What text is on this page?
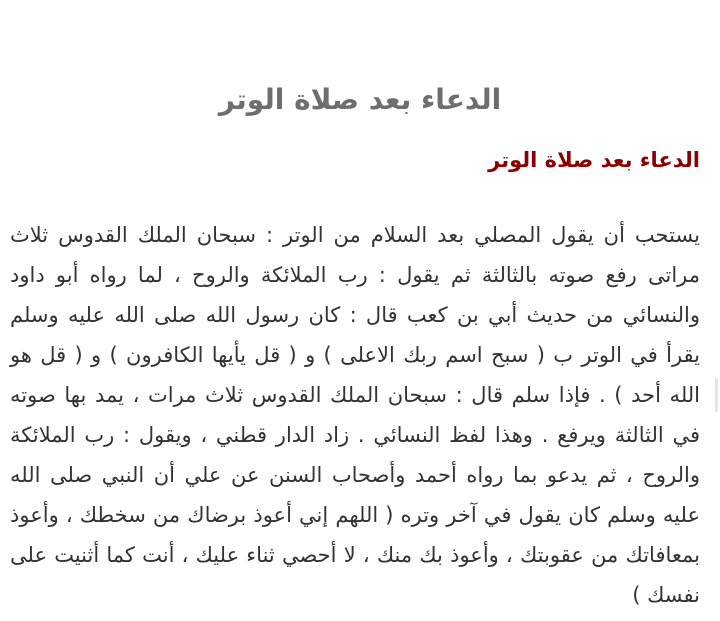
الدعاء بعد صلاة الوتر
الدعاء بعد صلاة الوتر

يستحب أن يقول المصلي بعد السلام من الوتر : سبحان الملك القدوس ثلاث مراتى رفع صوته بالثالثة ثم يقول : رب الملائكة والروح ، لما رواه أبو داود والنسائي من حديث أبي بن كعب قال : كان رسول الله صلى الله عليه وسلم يقرأ في الوتر ب ( سبح اسم ربك الاعلى ) و ( قل يأيها الكافرون ) و ( قل هو الله أحد ) . فإذا سلم قال : سبحان الملك القدوس ثلاث مرات ، يمد بها صوته في الثالثة ويرفع . وهذا لفظ النسائي . زاد الدار قطني ، ويقول : رب الملائكة والروح ، ثم يدعو بما رواه أحمد وأصحاب السنن عن علي أن النبي صلى الله عليه وسلم كان يقول في آخر وتره ( اللهم إني أعوذ برضاك من سخطك ، وأعوذ بمعافاتك من عقوبتك ، وأعوذ بك منك ، لا أحصي ثناء عليك ، أنت كما أثنيت على نفسك )
